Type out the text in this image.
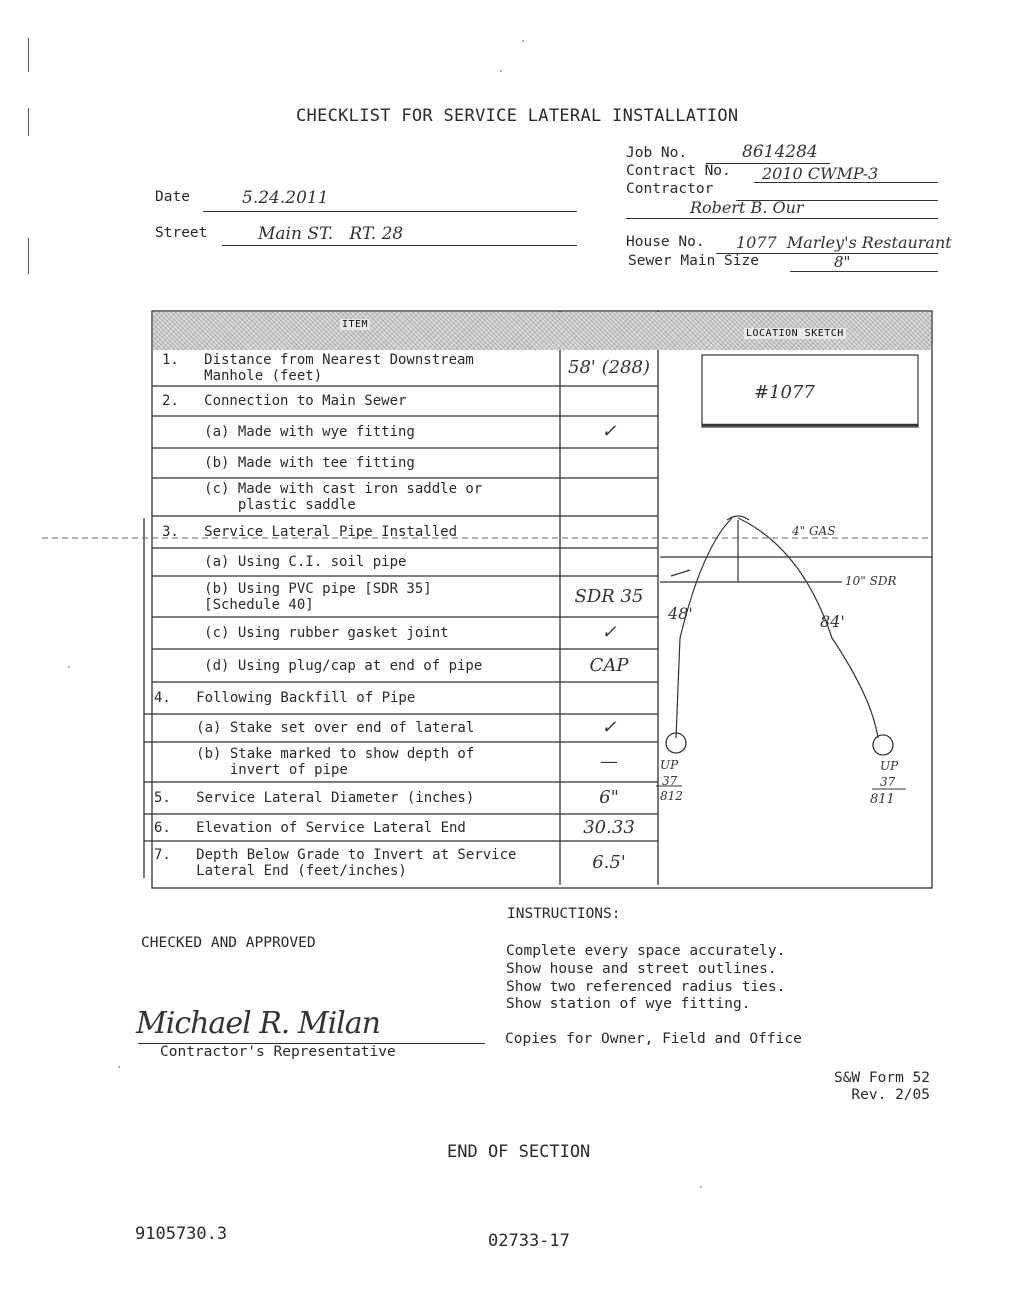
CHECKLIST FOR SERVICE LATERAL INSTALLATION
Job No.	8614284
Contract No. 2010 CWMP-3
Contractor
Robert B. Our
House No. 1077  Marley's Restaurant
Sewer Main Size	8"
Date	5.24.2011
Street	Main ST.   RT. 28
ITEM
LOCATION SKETCH
1.   Distance from Nearest Downstream
Manhole (feet)	58' (288)
2.   Connection to Main Sewer
(a) Made with wye fitting	✓
(b) Made with tee fitting
(c) Made with cast iron saddle or
plastic saddle
3.   Service Lateral Pipe Installed
(a) Using C.I. soil pipe
(b) Using PVC pipe [SDR 35]
[Schedule 40]	SDR 35
(c) Using rubber gasket joint	✓
(d) Using plug/cap at end of pipe	CAP
4.   Following Backfill of Pipe
(a) Stake set over end of lateral	✓
(b) Stake marked to show depth of
invert of pipe	—
5.   Service Lateral Diameter (inches)	6"
6.   Elevation of Service Lateral End	30.33
7.   Depth Below Grade to Invert at Service
Lateral End (feet/inches)	6.5'
#1077
4" GAS
10" SDR
48'	84'
UP
37
812
UP
37
811
INSTRUCTIONS:
Complete every space accurately.
Show house and street outlines.
Show two referenced radius ties.
Show station of wye fitting.
Copies for Owner, Field and Office
CHECKED AND APPROVED
Michael R. Milan
Contractor's Representative
S&W Form 52
Rev. 2/05
END OF SECTION
9105730.3	02733-17
